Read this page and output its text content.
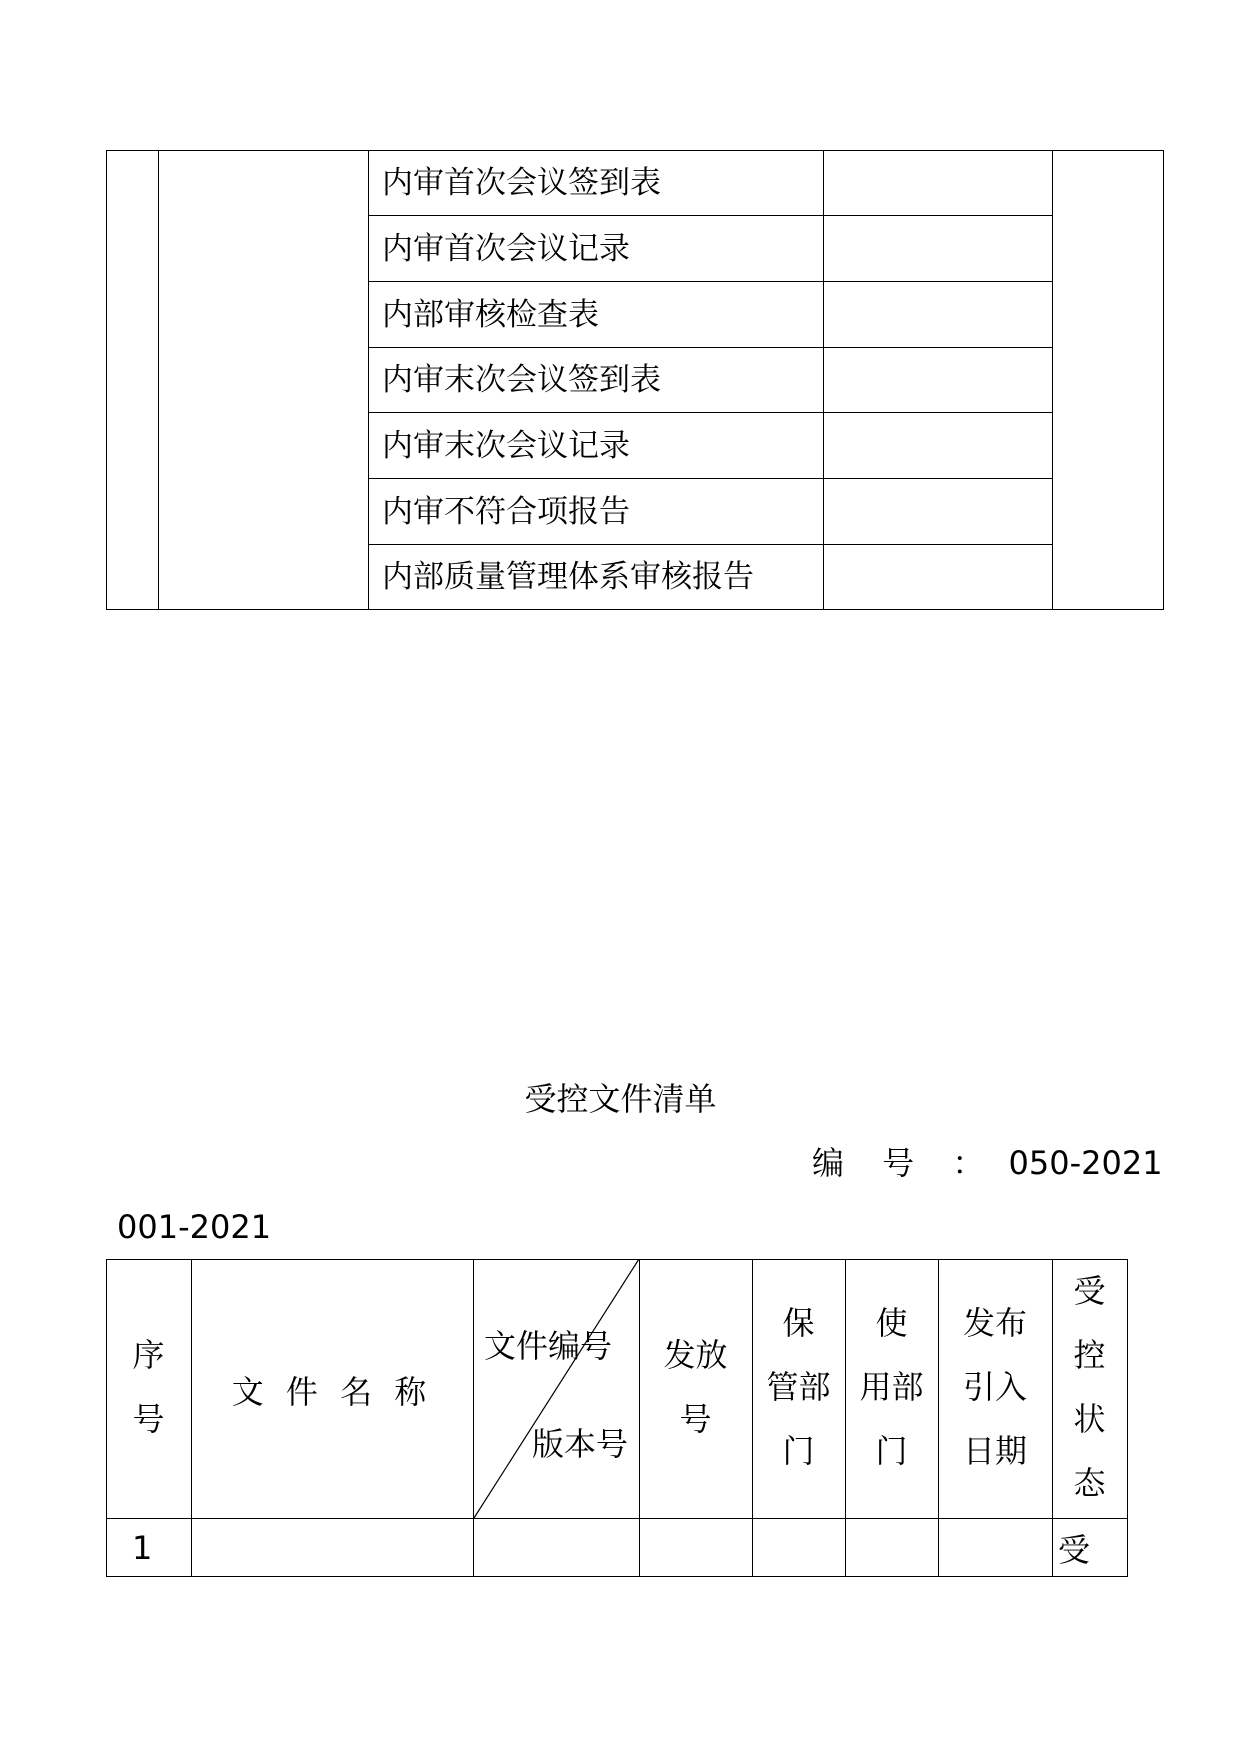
内审首次会议签到表
内审首次会议记录
内部审核检查表
内审末次会议签到表
内审末次会议记录
内审不符合项报告
内部质量管理体系审核报告
受控文件清单
编 号 ： 050-2021
001-2021
序
号
文 件 名 称
文件编号
版本号
发放
号
保
管部
门
使
用部
门
发布
引入
日期
受
控
状
态
1	受
